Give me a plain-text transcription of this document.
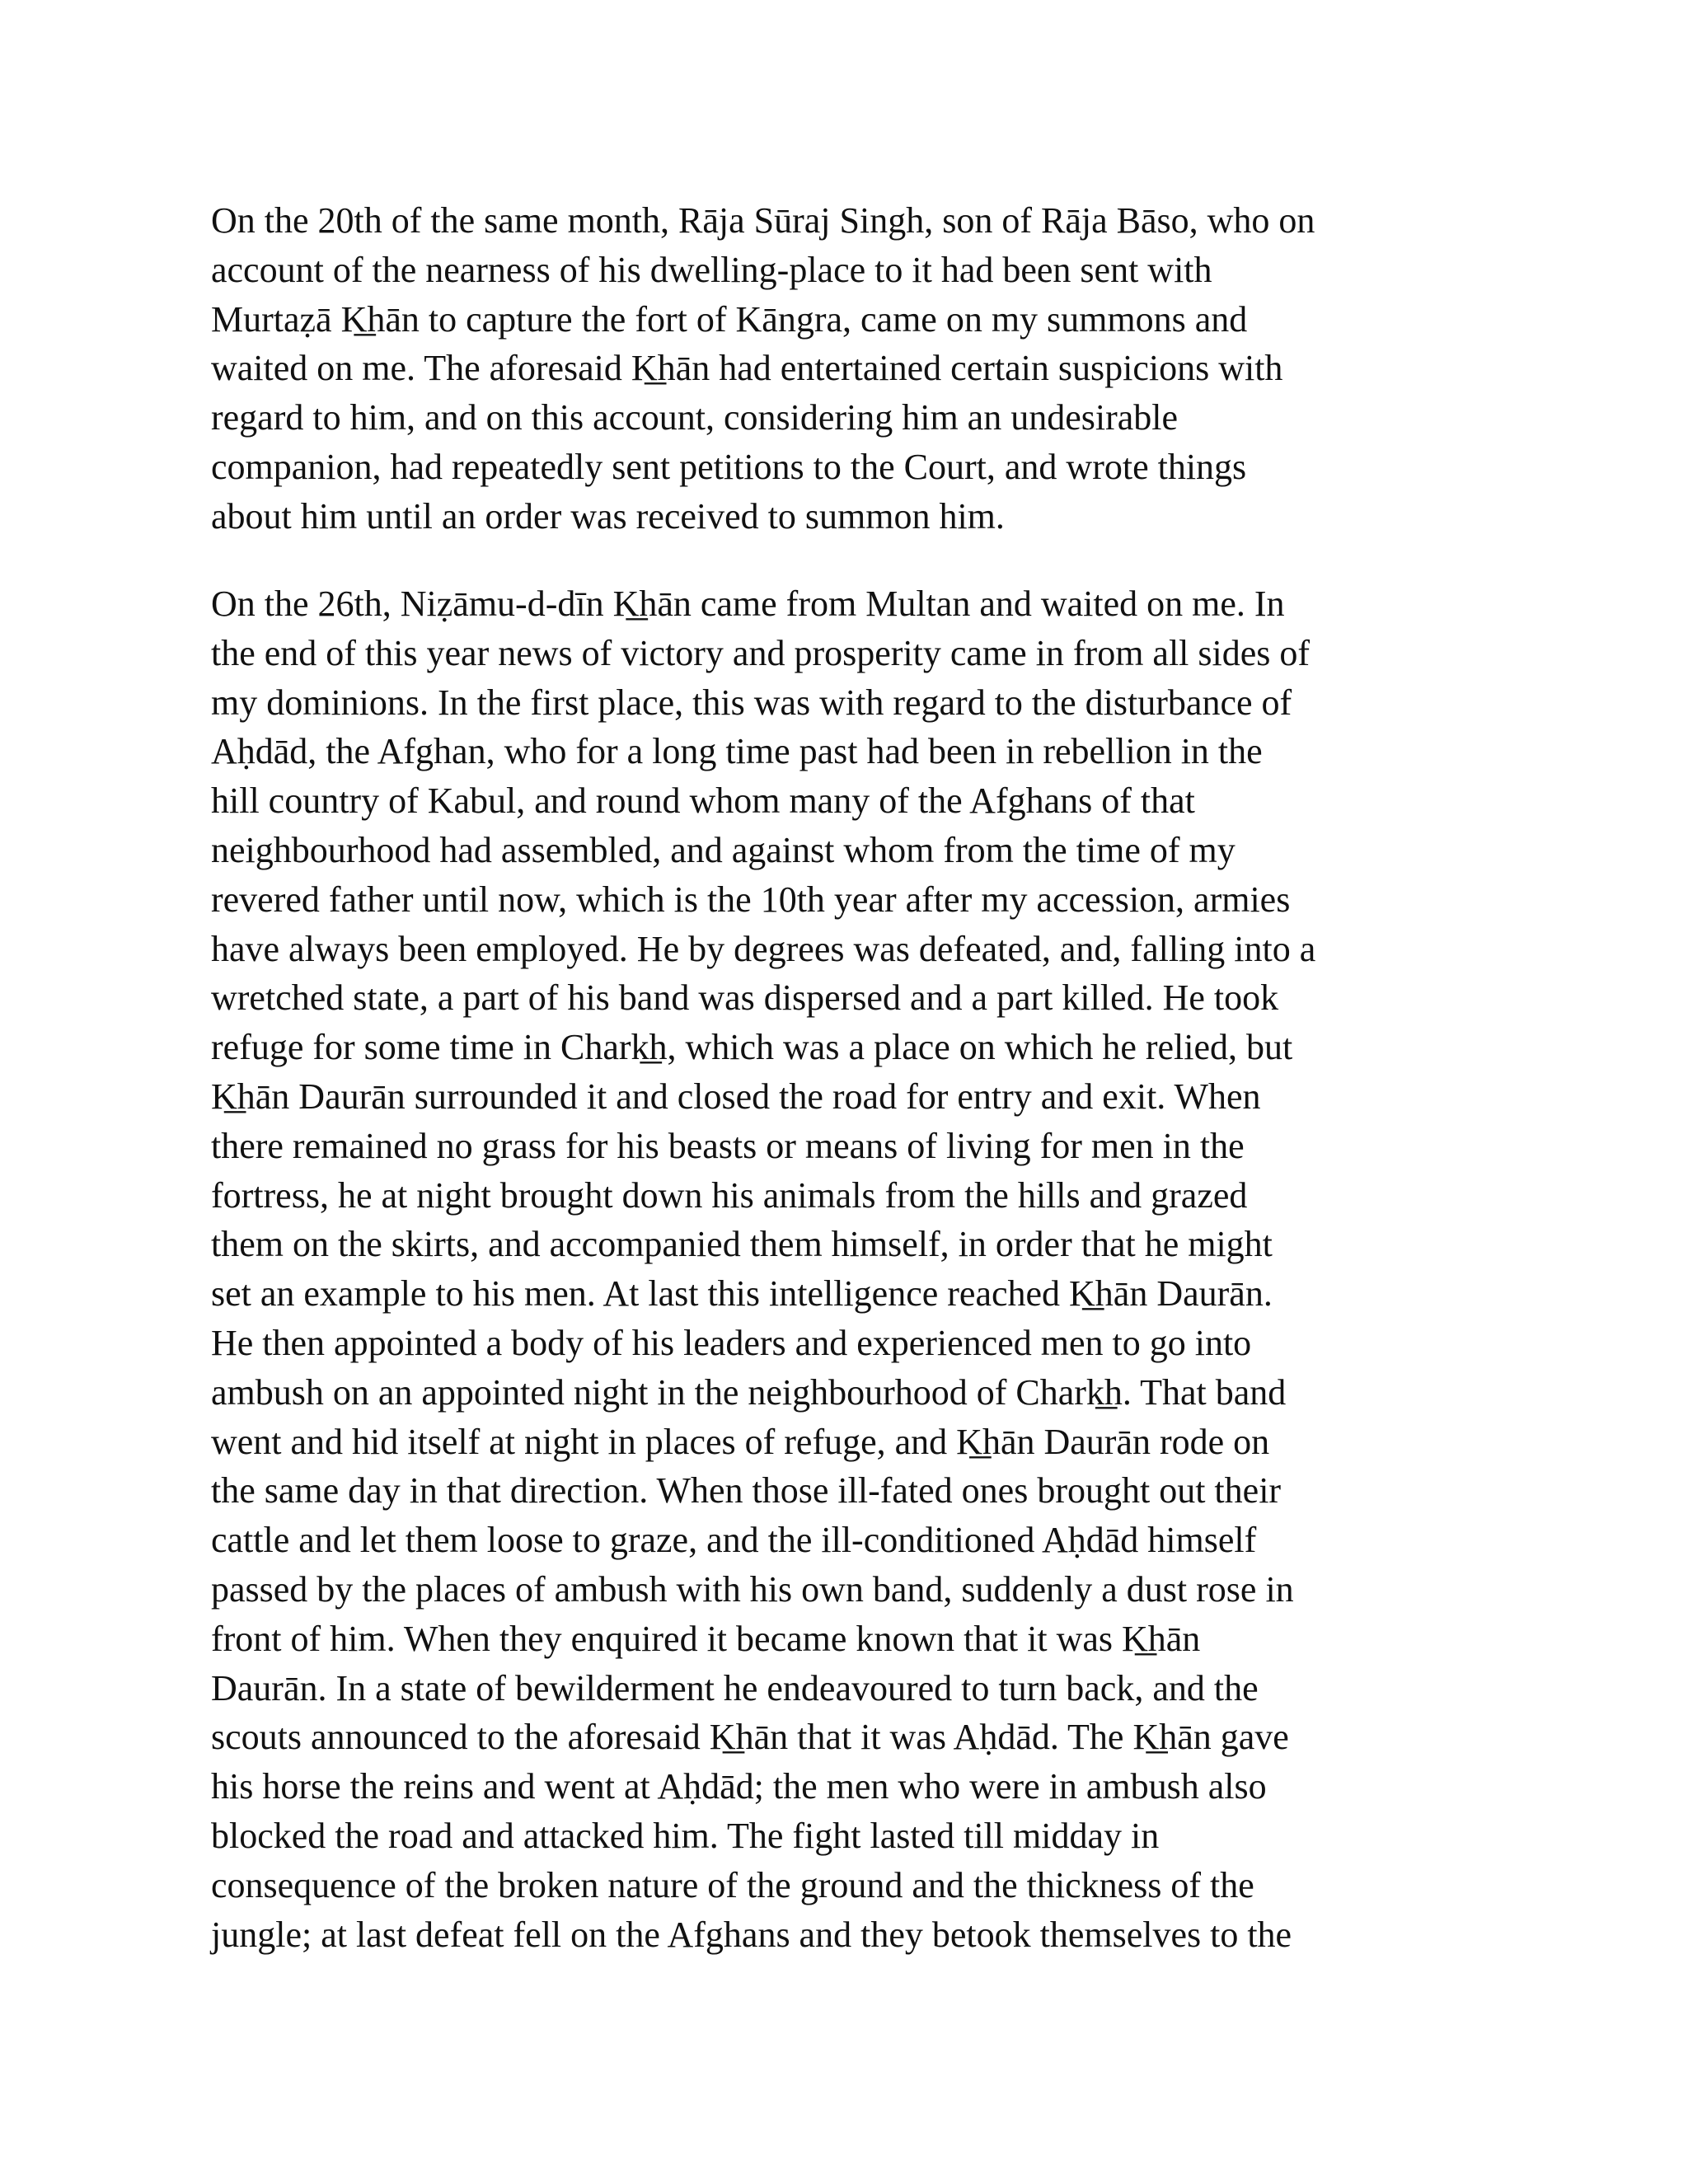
On the 20th of the same month, Rāja Sūraj Singh, son of Rāja Bāso, who on
account of the nearness of his dwelling-place to it had been sent with
Murtaẓā K͟hān to capture the fort of Kāngra, came on my summons and
waited on me. The aforesaid K͟hān had entertained certain suspicions with
regard to him, and on this account, considering him an undesirable
companion, had repeatedly sent petitions to the Court, and wrote things
about him until an order was received to summon him.
On the 26th, Niẓāmu-d-dīn K͟hān came from Multan and waited on me. In
the end of this year news of victory and prosperity came in from all sides of
my dominions. In the first place, this was with regard to the disturbance of
Aḥdād, the Afghan, who for a long time past had been in rebellion in the
hill country of Kabul, and round whom many of the Afghans of that
neighbourhood had assembled, and against whom from the time of my
revered father until now, which is the 10th year after my accession, armies
have always been employed. He by degrees was defeated, and, falling into a
wretched state, a part of his band was dispersed and a part killed. He took
refuge for some time in Chark͟h, which was a place on which he relied, but
K͟hān Daurān surrounded it and closed the road for entry and exit. When
there remained no grass for his beasts or means of living for men in the
fortress, he at night brought down his animals from the hills and grazed
them on the skirts, and accompanied them himself, in order that he might
set an example to his men. At last this intelligence reached K͟hān Daurān.
He then appointed a body of his leaders and experienced men to go into
ambush on an appointed night in the neighbourhood of Chark͟h. That band
went and hid itself at night in places of refuge, and K͟hān Daurān rode on
the same day in that direction. When those ill-fated ones brought out their
cattle and let them loose to graze, and the ill-conditioned Aḥdād himself
passed by the places of ambush with his own band, suddenly a dust rose in
front of him. When they enquired it became known that it was K͟hān
Daurān. In a state of bewilderment he endeavoured to turn back, and the
scouts announced to the aforesaid K͟hān that it was Aḥdād. The K͟hān gave
his horse the reins and went at Aḥdād; the men who were in ambush also
blocked the road and attacked him. The fight lasted till midday in
consequence of the broken nature of the ground and the thickness of the
jungle; at last defeat fell on the Afghans and they betook themselves to the
